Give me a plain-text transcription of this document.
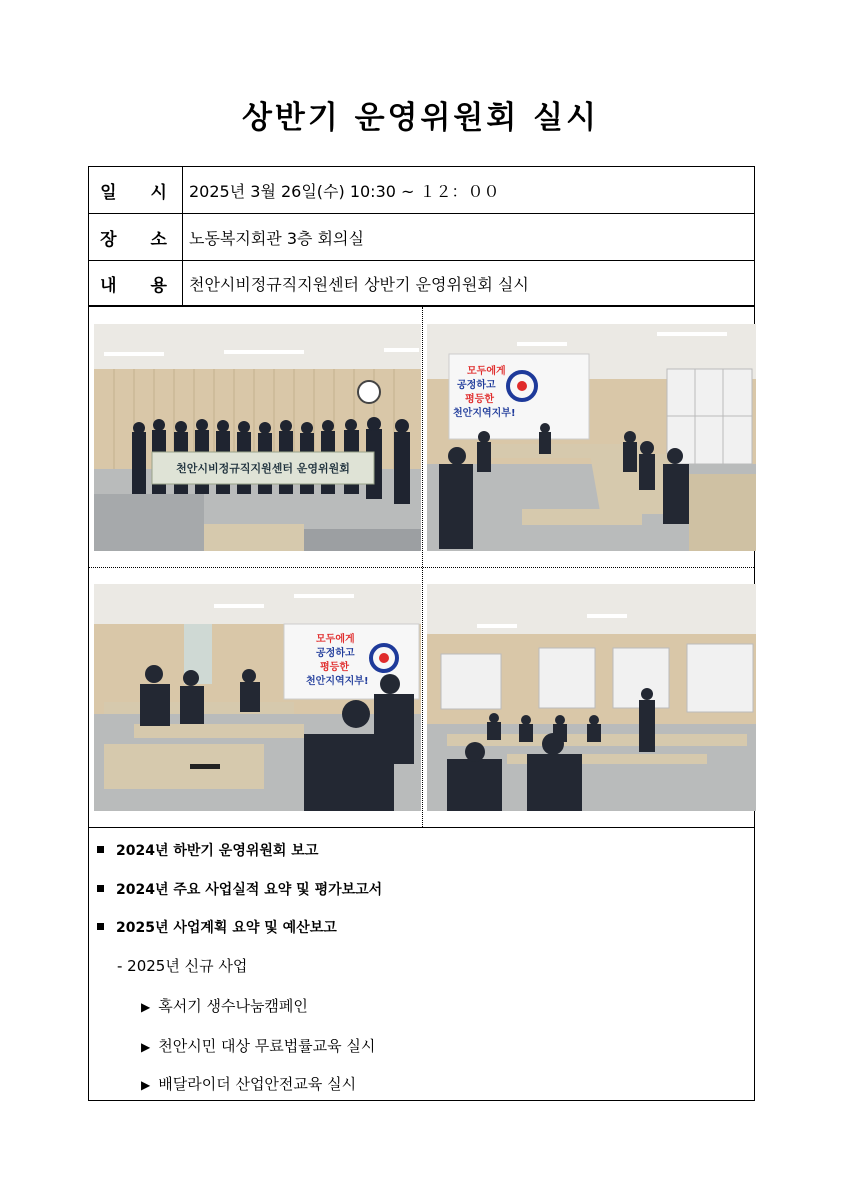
상반기 운영위원회 실시
일 시 2025년 3월 26일(수) 10:30 ~ １２：００
장 소 노동복지회관 3층 회의실
내 용 천안시비정규직지원센터 상반기 운영위원회 실시
천안시비정규직지원센터 운영위원회
모두에게
공정하고
평등한
천안지역지부!
모두에게
공정하고
평등한
천안지역지부!
2024년 하반기 운영위원회 보고
2024년 주요 사업실적 요약 및 평가보고서
2025년 사업계획 요약 및 예산보고
- 2025년 신규 사업
▶ 혹서기 생수나눔캠페인
▶ 천안시민 대상 무료법률교육 실시
▶ 배달라이더 산업안전교육 실시
